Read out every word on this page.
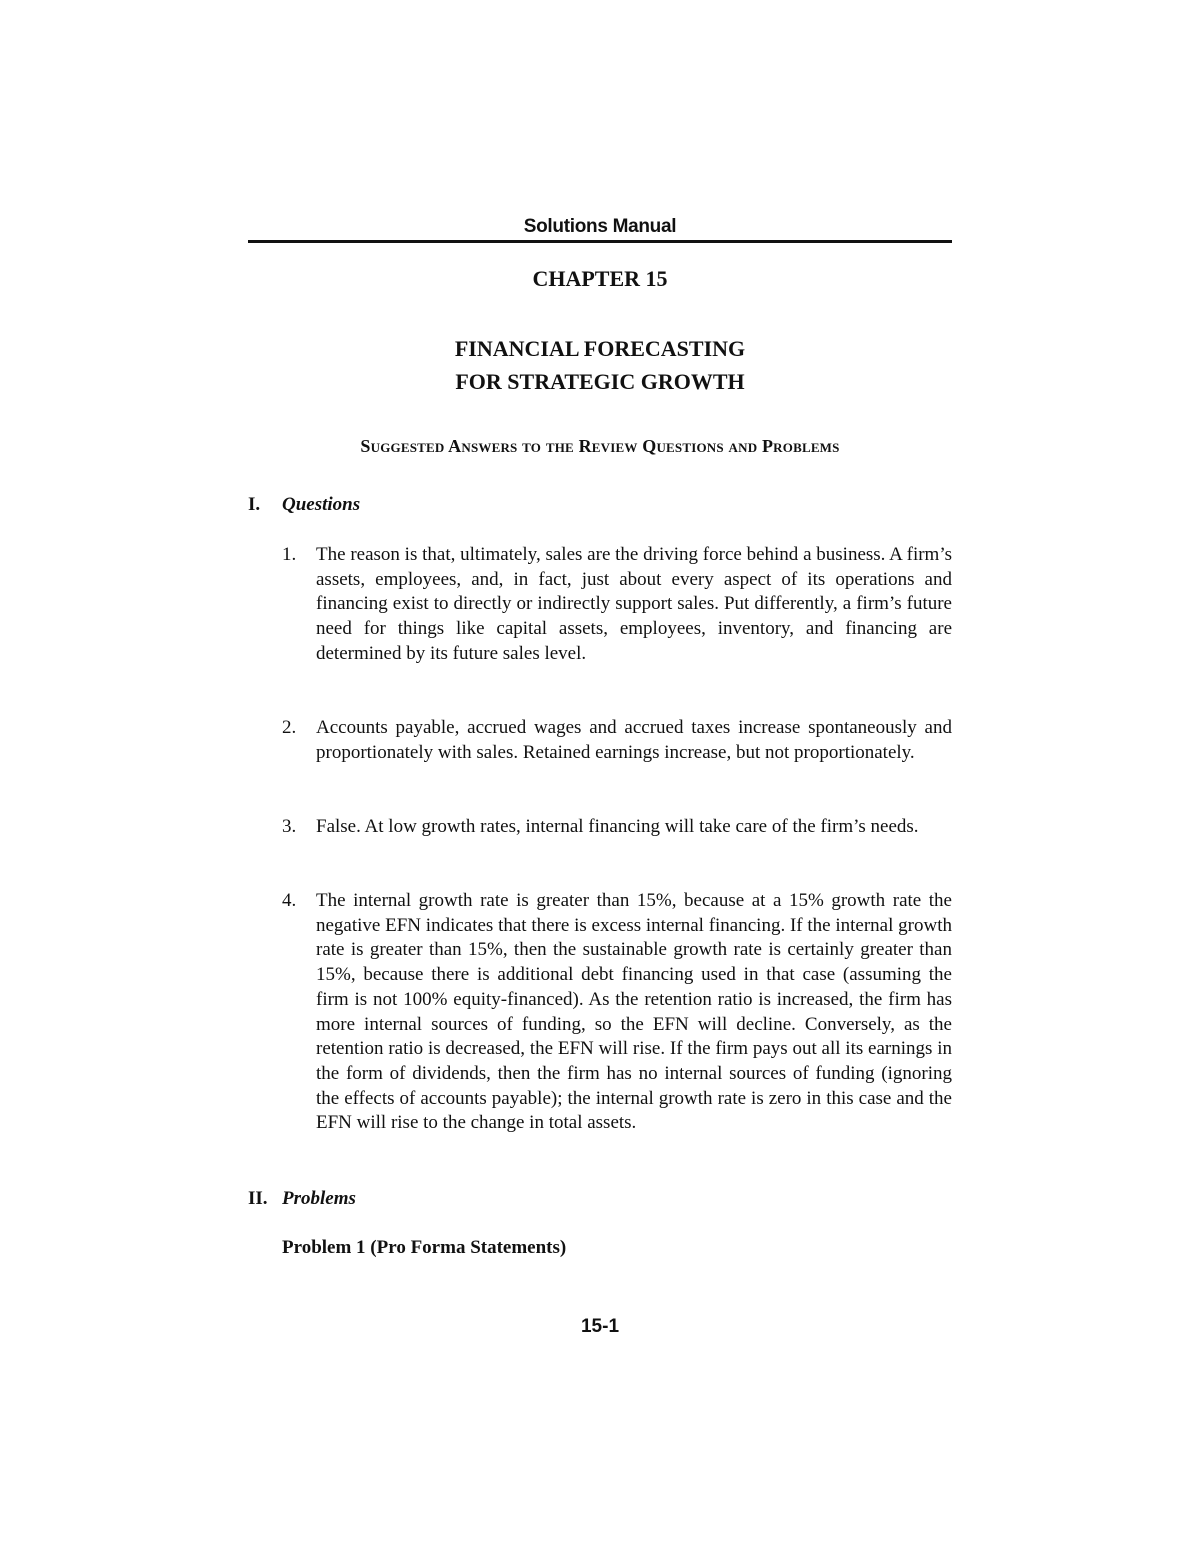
Solutions Manual
CHAPTER 15
FINANCIAL FORECASTING
FOR STRATEGIC GROWTH
Suggested Answers to the Review Questions and Problems
I. Questions
1.	The reason is that, ultimately, sales are the driving force behind a business. A firm’s assets, employees, and, in fact, just about every aspect of its operations and financing exist to directly or indirectly support sales. Put differently, a firm’s future need for things like capital assets, employees, inventory, and financing are determined by its future sales level.
2.	Accounts payable, accrued wages and accrued taxes increase spontaneously and proportionately with sales. Retained earnings increase, but not proportionately.
3.	False. At low growth rates, internal financing will take care of the firm’s needs.
4.	The internal growth rate is greater than 15%, because at a 15% growth rate the negative EFN indicates that there is excess internal financing. If the internal growth rate is greater than 15%, then the sustainable growth rate is certainly greater than 15%, because there is additional debt financing used in that case (assuming the firm is not 100% equity-financed). As the retention ratio is increased, the firm has more internal sources of funding, so the EFN will decline. Conversely, as the retention ratio is decreased, the EFN will rise. If the firm pays out all its earnings in the form of dividends, then the firm has no internal sources of funding (ignoring the effects of accounts payable); the internal growth rate is zero in this case and the EFN will rise to the change in total assets.
II. Problems
Problem 1 (Pro Forma Statements)
15-1
